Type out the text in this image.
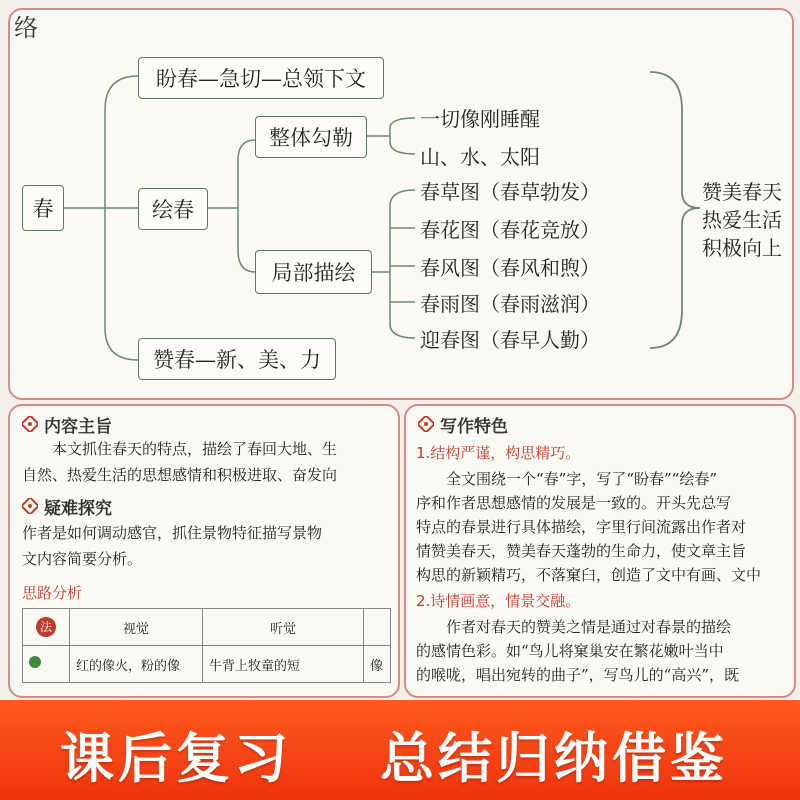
络
春
盼春—急切—总领下文
绘春
赞春—新、美、力
整体勾勒
局部描绘
一切像刚睡醒
山、水、太阳
春草图（春草勃发）
春花图（春花竞放）
春风图（春风和煦）
春雨图（春雨滋润）
迎春图（春早人勤）
赞美春天
热爱生活
积极向上
内容主旨
本文抓住春天的特点，描绘了春回大地、生
自然、热爱生活的思想感情和积极进取、奋发向
疑难探究
作者是如何调动感官，抓住景物特征描写景物
文内容简要分析。
思路分析
法	视觉	听觉	
	红的像火，粉的像	牛背上牧童的短	像
写作特色
1.结构严谨，构思精巧。
全文围绕一个“春”字，写了“盼春”“绘春”
序和作者思想感情的发展是一致的。开头先总写
特点的春景进行具体描绘，字里行间流露出作者对
情赞美春天，赞美春天蓬勃的生命力，使文章主旨
构思的新颖精巧，不落窠臼，创造了文中有画、文中
2.诗情画意，情景交融。
作者对春天的赞美之情是通过对春景的描绘
的感情色彩。如“鸟儿将窠巢安在繁花嫩叶当中
的喉咙，唱出宛转的曲子”，写鸟儿的“高兴”，既
课后复习 总结归纳借鉴
